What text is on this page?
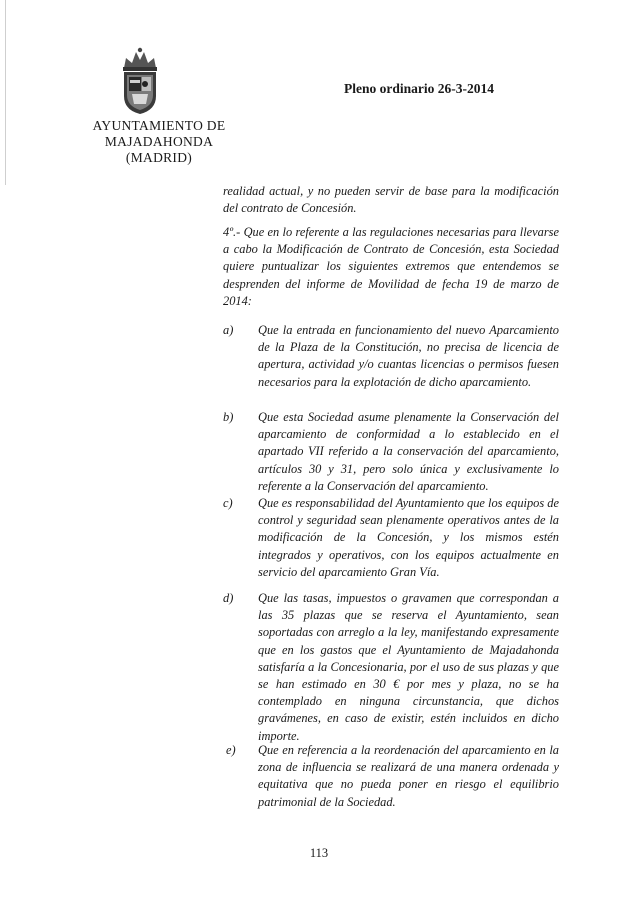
AYUNTAMIENTO DE
MAJADAHONDA
(MADRID)
Pleno ordinario 26-3-2014

realidad actual, y no pueden servir de base para la modificación del contrato de Concesión.

4º.- Que en lo referente a las regulaciones necesarias para llevarse a cabo la Modificación de Contrato de Concesión, esta Sociedad quiere puntualizar los siguientes extremos que entendemos se desprenden del informe de Movilidad de fecha 19 de marzo de 2014:

a) Que la entrada en funcionamiento del nuevo Aparcamiento de la Plaza de la Constitución, no precisa de licencia de apertura, actividad y/o cuantas licencias o permisos fuesen necesarios para la explotación de dicho aparcamiento.

b) Que esta Sociedad asume plenamente la Conservación del aparcamiento de conformidad a lo establecido en el apartado VII referido a la conservación del aparcamiento, artículos 30 y 31, pero solo única y exclusivamente lo referente a la Conservación del aparcamiento.

c) Que es responsabilidad del Ayuntamiento que los equipos de control y seguridad sean plenamente operativos antes de la modificación de la Concesión, y los mismos estén integrados y operativos, con los equipos actualmente en servicio del aparcamiento Gran Vía.

d) Que las tasas, impuestos o gravamen que correspondan a las 35 plazas que se reserva el Ayuntamiento, sean soportadas con arreglo a la ley, manifestando expresamente que en los gastos que el Ayuntamiento de Majadahonda satisfaría a la Concesionaria, por el uso de sus plazas y que se han estimado en 30 € por mes y plaza, no se ha contemplado en ninguna circunstancia, que dichos gravámenes, en caso de existir, estén incluidos en dicho importe.

e) Que en referencia a la reordenación del aparcamiento en la zona de influencia se realizará de una manera ordenada y equitativa que no pueda poner en riesgo el equilibrio patrimonial de la Sociedad.

113
